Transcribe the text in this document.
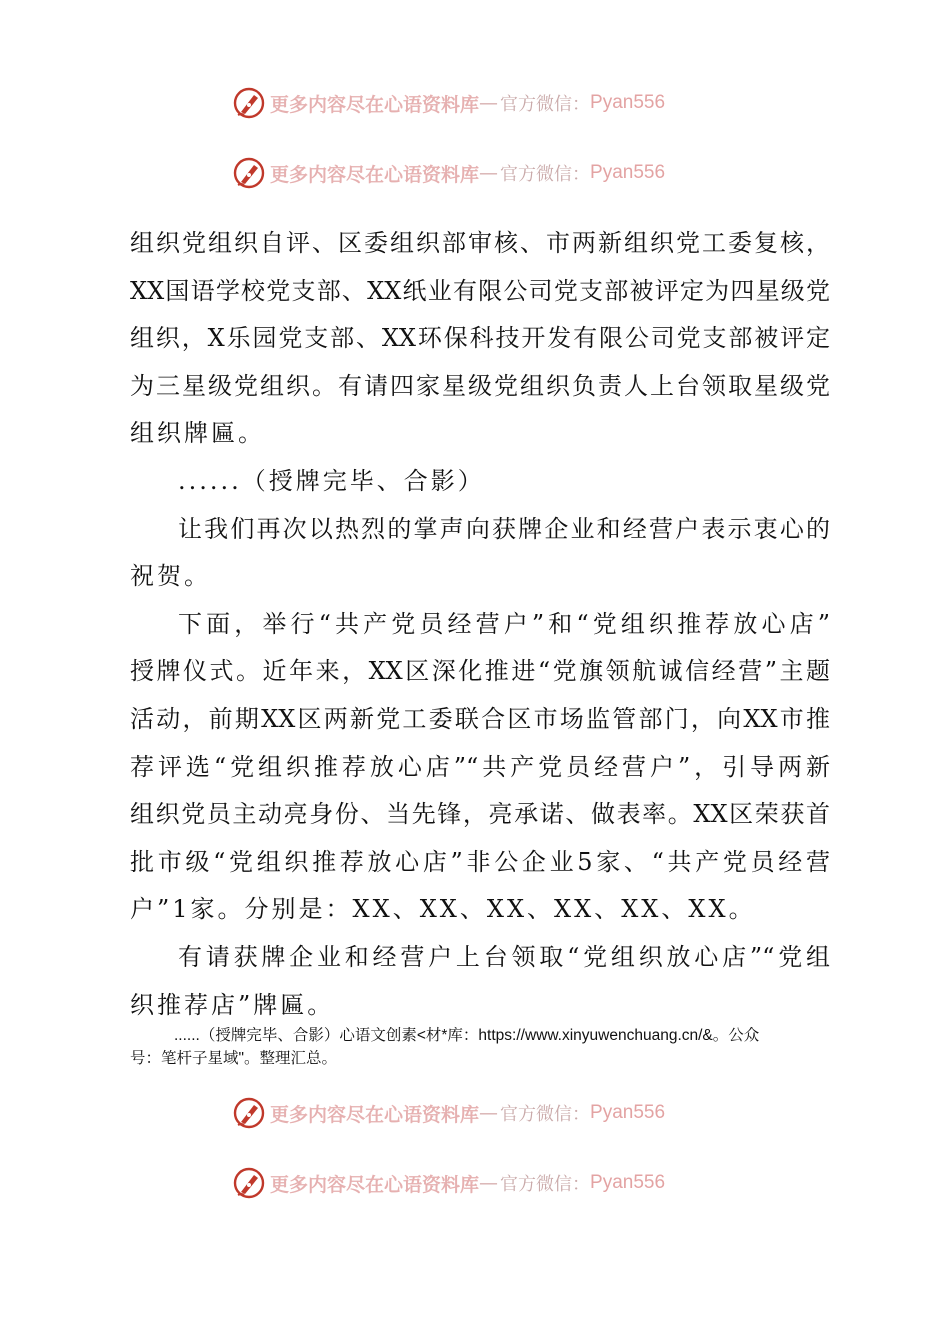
更多内容尽在心语资料库 — 官方微信： Pyan556
更多内容尽在心语资料库 — 官方微信： Pyan556
组织党组织自评、区委组织部审核、市两新组织党工委复核，
XX国语学校党支部、XX纸业有限公司党支部被评定为四星级党
组织，X乐园党支部、XX环保科技开发有限公司党支部被评定
为三星级党组织。有请四家星级党组织负责人上台领取星级党
组织牌匾。
......（授牌完毕、合影）
让我们再次以热烈的掌声向获牌企业和经营户表示衷心的
祝贺。
下面，举行“共产党员经营户”和“党组织推荐放心店”
授牌仪式。近年来，XX区深化推进“党旗领航诚信经营”主题
活动，前期XX区两新党工委联合区市场监管部门，向XX市推
荐评选“党组织推荐放心店”“共产党员经营户”，引导两新
组织党员主动亮身份、当先锋，亮承诺、做表率。XX区荣获首
批市级“党组织推荐放心店”非公企业5家、“共产党员经营
户”1家。分别是：XX、XX、XX、XX、XX、XX。
有请获牌企业和经营户上台领取“党组织放心店”“党组
织推荐店”牌匾。
......（授牌完毕、合影）心语文创素<材*库：https://www.xinyuwenchuang.cn/&。公众
号：笔杆子星域"。整理汇总。
更多内容尽在心语资料库 — 官方微信： Pyan556
更多内容尽在心语资料库 — 官方微信： Pyan556
